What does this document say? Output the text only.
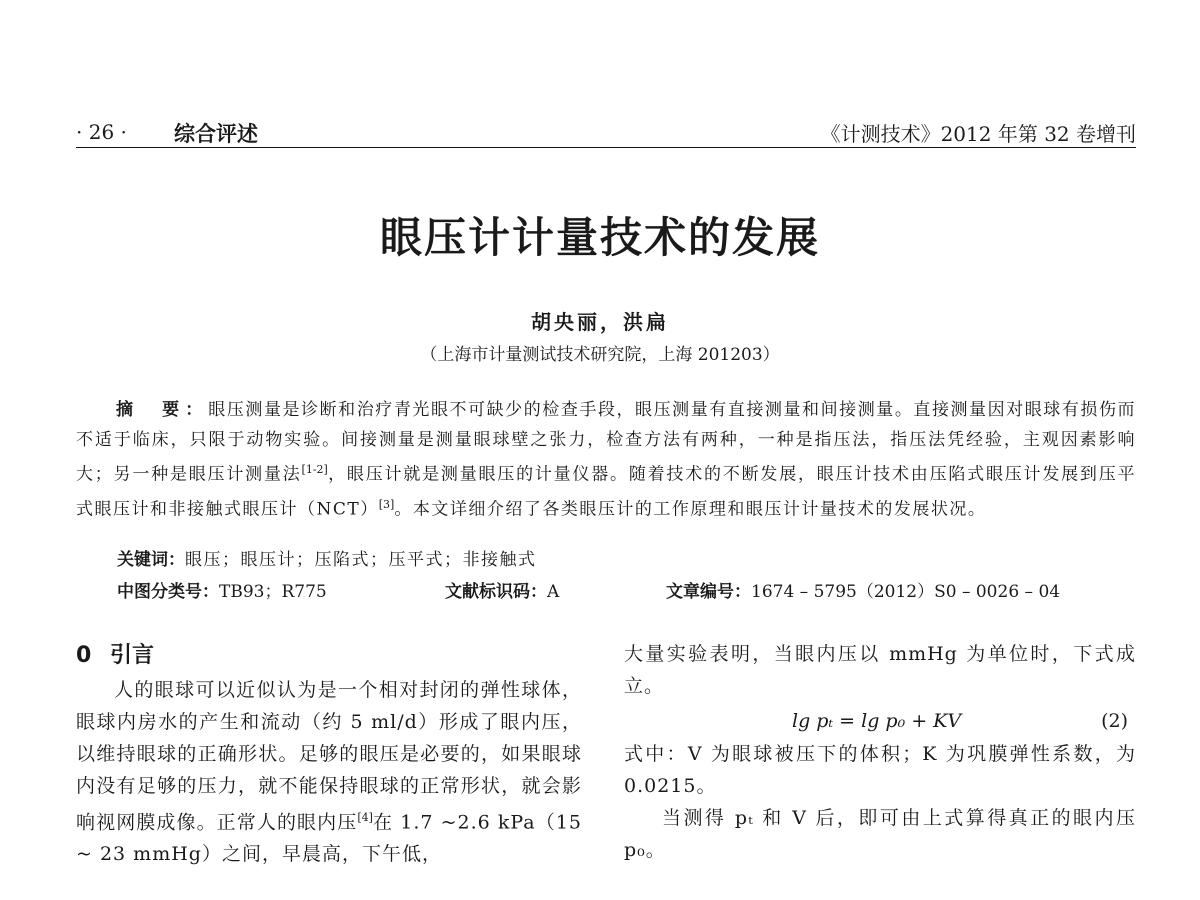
· 26 · 综合评述	《计测技术》2012 年第 32 卷增刊
眼压计计量技术的发展
胡央丽，洪扁
（上海市计量测试技术研究院，上海 201203）
摘　要：眼压测量是诊断和治疗青光眼不可缺少的检查手段，眼压测量有直接测量和间接测量。直接测量因对眼球有损伤而不适于临床，只限于动物实验。间接测量是测量眼球壁之张力，检查方法有两种，一种是指压法，指压法凭经验，主观因素影响大；另一种是眼压计测量法[1-2]，眼压计就是测量眼压的计量仪器。随着技术的不断发展，眼压计技术由压陷式眼压计发展到压平式眼压计和非接触式眼压计（NCT）[3]。本文详细介绍了各类眼压计的工作原理和眼压计计量技术的发展状况。
关键词：眼压；眼压计；压陷式；压平式；非接触式
中图分类号：TB93；R775	文献标识码：A	文章编号：1674 – 5795（2012）S0 – 0026 – 04
0 引言

人的眼球可以近似认为是一个相对封闭的弹性球体，眼球内房水的产生和流动（约 5 ml/d）形成了眼内压，以维持眼球的正确形状。足够的眼压是必要的，如果眼球内没有足够的压力，就不能保持眼球的正常形状，就会影响视网膜成像。正常人的眼内压[4]在 1.7 ~2.6 kPa（15 ~ 23 mmHg）之间，早晨高，下午低，

大量实验表明，当眼内压以 mmHg 为单位时，下式成立。

lg pₜ = lg p₀ + KV	(2)

式中：V 为眼球被压下的体积；K 为巩膜弹性系数，为 0.0215。

当测得 pₜ 和 V 后，即可由上式算得真正的眼内压 p₀。
